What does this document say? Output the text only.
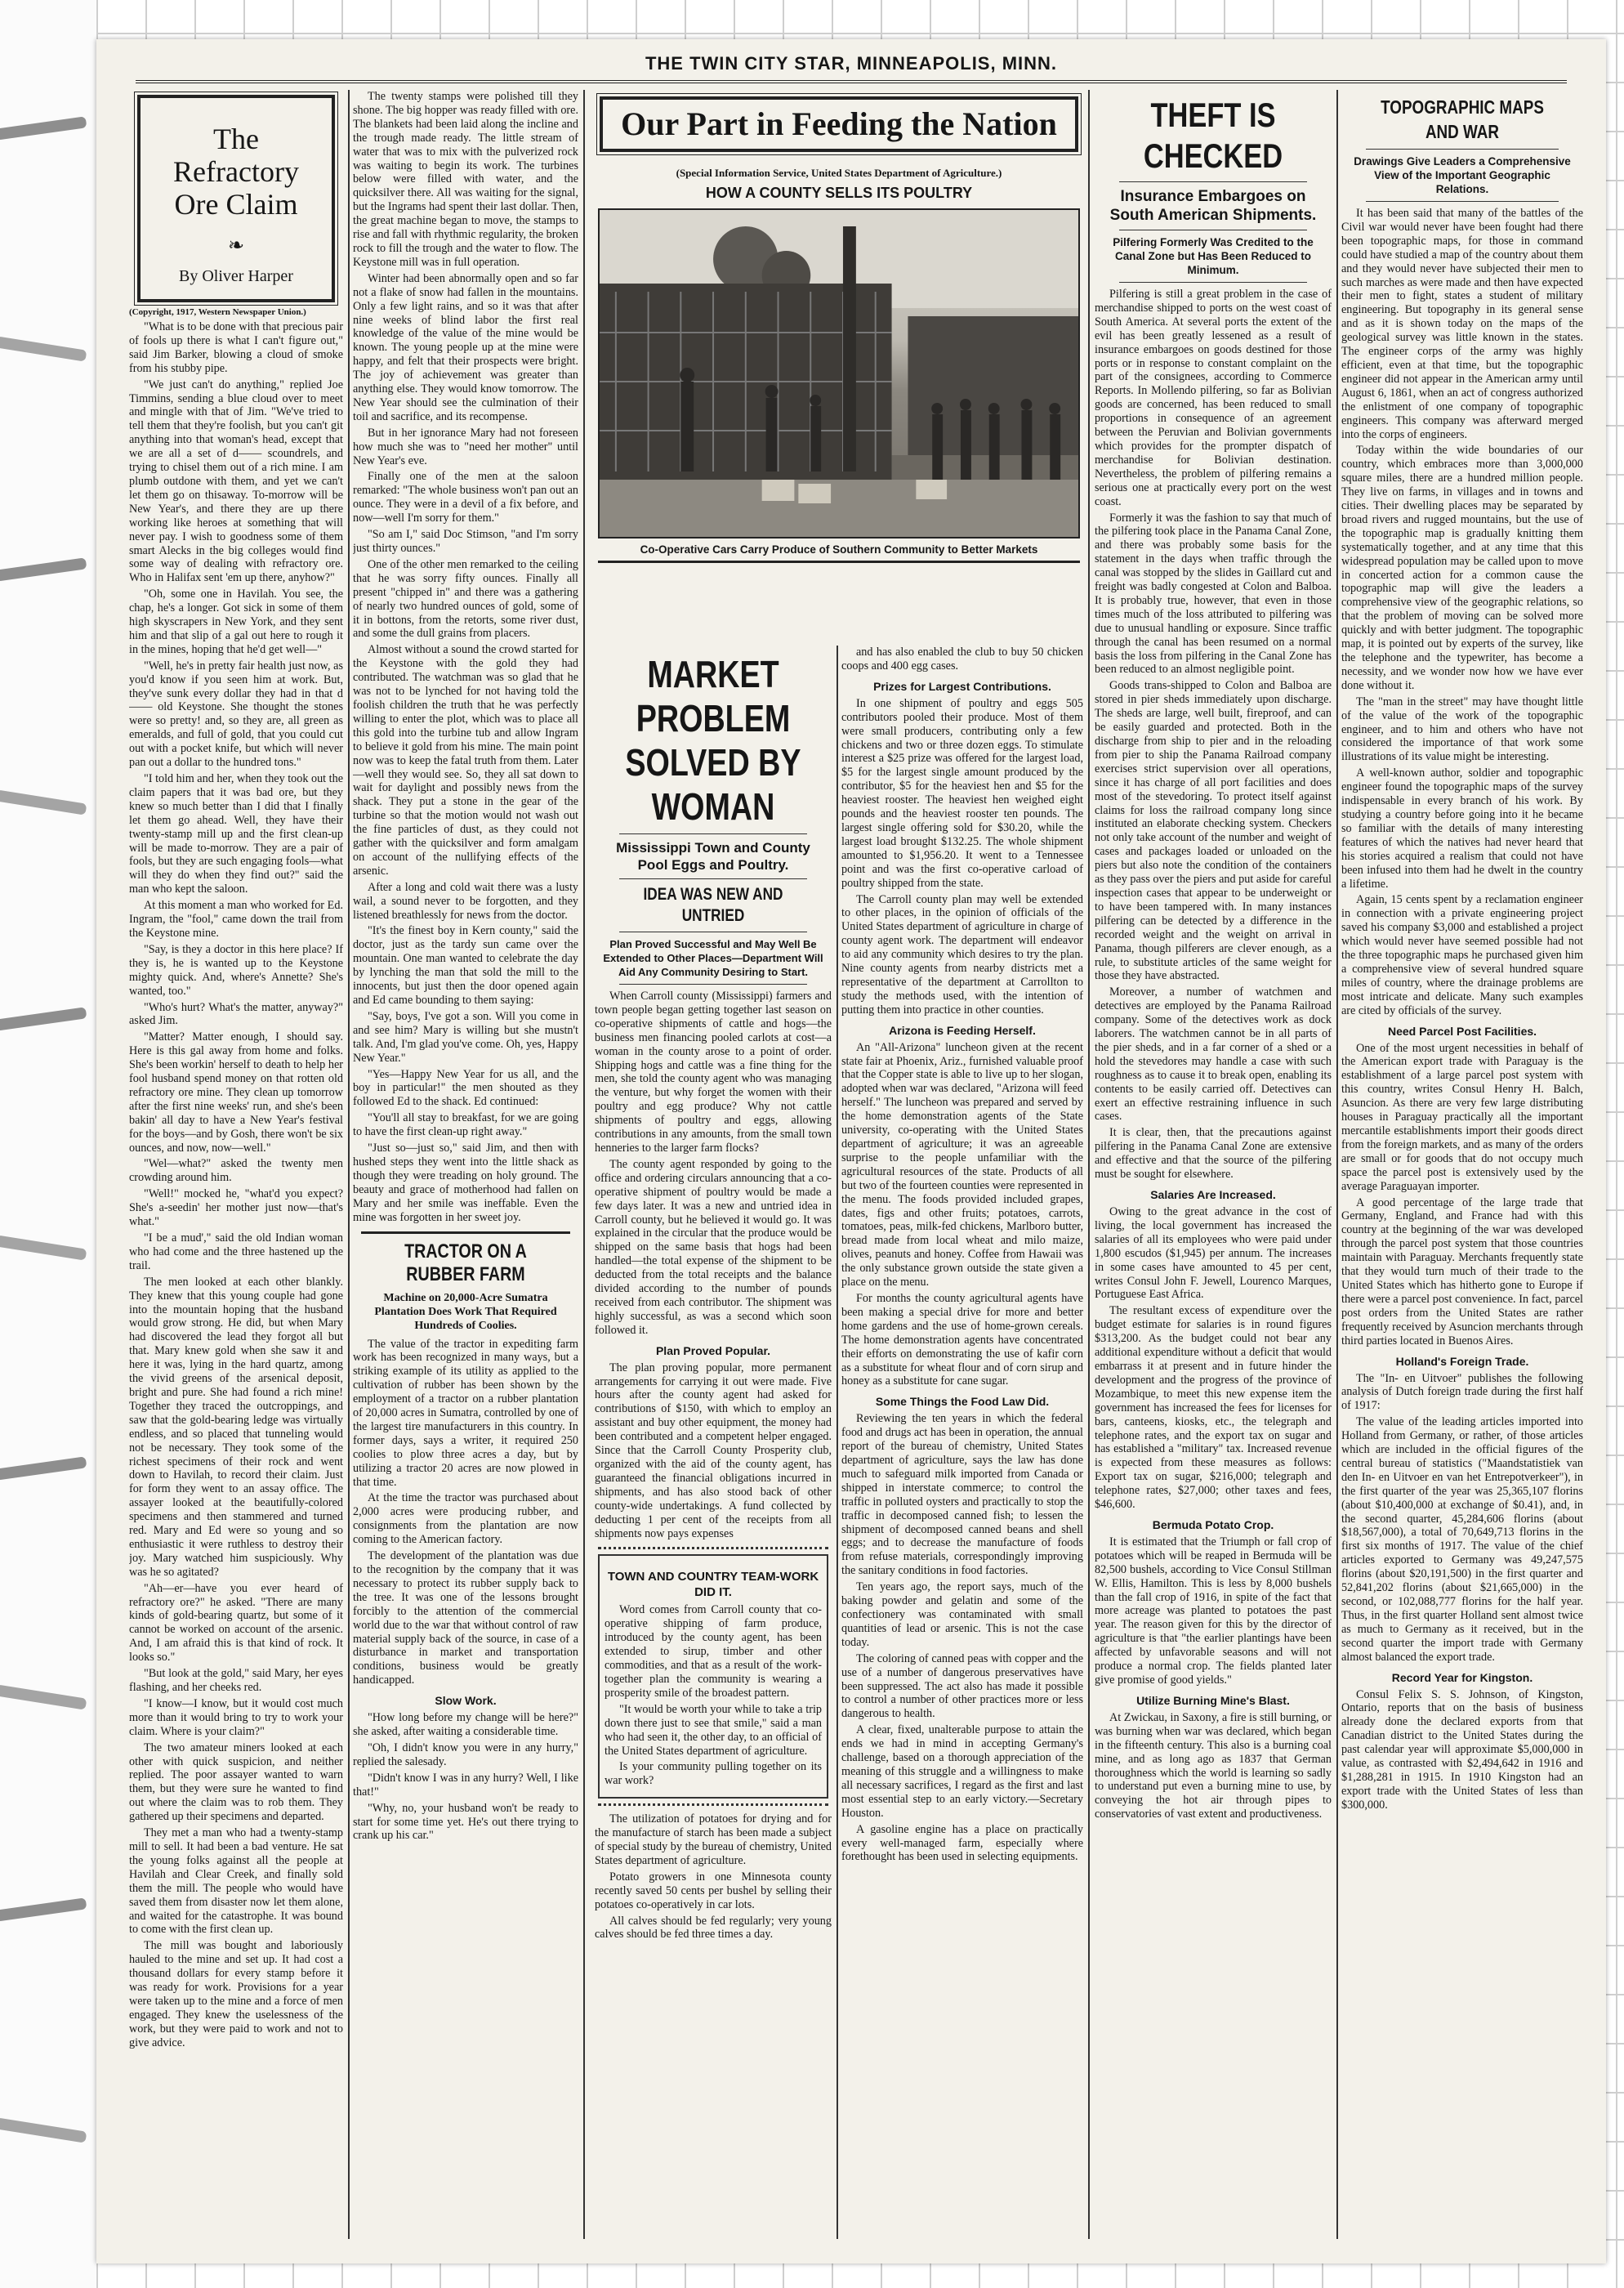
THE TWIN CITY STAR, MINNEAPOLIS, MINN.
The Refractory Ore Claim
❧
By Oliver Harper
(Copyright, 1917, Western Newspaper Union.)

"What is to be done with that precious pair of fools up there is what I can't figure out," said Jim Barker, blowing a cloud of smoke from his stubby pipe.

"We just can't do anything," replied Joe Timmins, sending a blue cloud over to meet and mingle with that of Jim. "We've tried to tell them that they're foolish, but you can't git anything into that woman's head, except that we are all a set of d—— scoundrels, and trying to chisel them out of a rich mine. I am plumb outdone with them, and yet we can't let them go on thisaway. To-morrow will be New Year's, and there they are up there working like heroes at something that will never pay. I wish to goodness some of them smart Alecks in the big colleges would find some way of dealing with refractory ore. Who in Halifax sent 'em up there, anyhow?"

"Oh, some one in Havilah. You see, the chap, he's a longer. Got sick in some of them high skyscrapers in New York, and they sent him and that slip of a gal out here to rough it in the mines, hoping that he'd get well—"

"Well, he's in pretty fair health just now, as you'd know if you seen him at work. But, they've sunk every dollar they had in that d—— old Keystone. She thought the stones were so pretty! and, so they are, all green as emeralds, and full of gold, that you could cut out with a pocket knife, but which will never pan out a dollar to the hundred tons."

"I told him and her, when they took out the claim papers that it was bad ore, but they knew so much better than I did that I finally let them go ahead. Well, they have their twenty-stamp mill up and the first clean-up will be made to-morrow. They are a pair of fools, but they are such engaging fools—what will they do when they find out?" said the man who kept the saloon.

At this moment a man who worked for Ed. Ingram, the "fool," came down the trail from the Keystone mine.

"Say, is they a doctor in this here place? If they is, he is wanted up to the Keystone mighty quick. And, where's Annette? She's wanted, too."

"Who's hurt? What's the matter, anyway?" asked Jim.

"Matter? Matter enough, I should say. Here is this gal away from home and folks. She's been workin' herself to death to help her fool husband spend money on that rotten old refractory ore mine. They clean up tomorrow after the first nine weeks' run, and she's been bakin' all day to have a New Year's festival for the boys—and by Gosh, there won't be six ounces, and now, now—well."

"Wel—what?" asked the twenty men crowding around him.

"Well!" mocked he, "what'd you expect? She's a-seedin' her mother just now—that's what."

"I be a mud'," said the old Indian woman who had come and the three hastened up the trail.

The men looked at each other blankly. They knew that this young couple had gone into the mountain hoping that the husband would grow strong. He did, but when Mary had discovered the lead they forgot all but that. Mary knew gold when she saw it and here it was, lying in the hard quartz, among the vivid greens of the arsenical deposit, bright and pure. She had found a rich mine! Together they traced the outcroppings, and saw that the gold-bearing ledge was virtually endless, and so placed that tunneling would not be necessary. They took some of the richest specimens of their rock and went down to Havilah, to record their claim. Just for form they went to an assay office. The assayer looked at the beautifully-colored specimens and then stammered and turned red. Mary and Ed were so young and so enthusiastic it were ruthless to destroy their joy. Mary watched him suspiciously. Why was he so agitated?

"Ah—er—have you ever heard of refractory ore?" he asked. "There are many kinds of gold-bearing quartz, but some of it cannot be worked on account of the arsenic. And, I am afraid this is that kind of rock. It looks so."

"But look at the gold," said Mary, her eyes flashing, and her cheeks red.

"I know—I know, but it would cost much more than it would bring to try to work your claim. Where is your claim?"

The two amateur miners looked at each other with quick suspicion, and neither replied. The poor assayer wanted to warn them, but they were sure he wanted to find out where the claim was to rob them. They gathered up their specimens and departed.

They met a man who had a twenty-stamp mill to sell. It had been a bad venture. He sat the young folks against all the people at Havilah and Clear Creek, and finally sold them the mill. The people who would have saved them from disaster now let them alone, and waited for the catastrophe. It was bound to come with the first clean up.

The mill was bought and laboriously hauled to the mine and set up. It had cost a thousand dollars for every stamp before it was ready for work. Provisions for a year were taken up to the mine and a force of men engaged. They knew the uselessness of the work, but they were paid to work and not to give advice.

The twenty stamps were polished till they shone. The big hopper was ready filled with ore. The blankets had been laid along the incline and the trough made ready. The little stream of water that was to mix with the pulverized rock was waiting to begin its work. The turbines below were filled with water, and the quicksilver there. All was waiting for the signal, but the Ingrams had spent their last dollar. Then, the great machine began to move, the stamps to rise and fall with rhythmic regularity, the broken rock to fill the trough and the water to flow. The Keystone mill was in full operation.

Winter had been abnormally open and so far not a flake of snow had fallen in the mountains. Only a few light rains, and so it was that after nine weeks of blind labor the first real knowledge of the value of the mine would be known. The young people up at the mine were happy, and felt that their prospects were bright. The joy of achievement was greater than anything else. They would know tomorrow. The New Year should see the culmination of their toil and sacrifice, and its recompense.

But in her ignorance Mary had not foreseen how much she was to "need her mother" until New Year's eve.

Finally one of the men at the saloon remarked: "The whole business won't pan out an ounce. They were in a devil of a fix before, and now—well I'm sorry for them."

"So am I," said Doc Stimson, "and I'm sorry just thirty ounces."

One of the other men remarked to the ceiling that he was sorry fifty ounces. Finally all present "chipped in" and there was a gathering of nearly two hundred ounces of gold, some of it in bottons, from the retorts, some river dust, and some the dull grains from placers.

Almost without a sound the crowd started for the Keystone with the gold they had contributed. The watchman was so glad that he was not to be lynched for not having told the foolish children the truth that he was perfectly willing to enter the plot, which was to place all this gold into the turbine tub and allow Ingram to believe it gold from his mine. The main point now was to keep the fatal truth from them. Later—well they would see. So, they all sat down to wait for daylight and possibly news from the shack. They put a stone in the gear of the turbine so that the motion would not wash out the fine particles of dust, as they could not gather with the quicksilver and form amalgam on account of the nullifying effects of the arsenic.

After a long and cold wait there was a lusty wail, a sound never to be forgotten, and they listened breathlessly for news from the doctor.

"It's the finest boy in Kern county," said the doctor, just as the tardy sun came over the mountain. One man wanted to celebrate the day by lynching the man that sold the mill to the innocents, but just then the door opened again and Ed came bounding to them saying:

"Say, boys, I've got a son. Will you come in and see him? Mary is willing but she mustn't talk. And, I'm glad you've come. Oh, yes, Happy New Year."

"Yes—Happy New Year for us all, and the boy in particular!" the men shouted as they followed Ed to the shack. Ed continued:

"You'll all stay to breakfast, for we are going to have the first clean-up right away."

"Just so—just so," said Jim, and then with hushed steps they went into the little shack as though they were treading on holy ground. The beauty and grace of motherhood had fallen on Mary and her smile was ineffable. Even the mine was forgotten in her sweet joy.

TRACTOR ON A RUBBER FARM
Machine on 20,000-Acre Sumatra Plantation Does Work That Required Hundreds of Coolies.

The value of the tractor in expediting farm work has been recognized in many ways, but a striking example of its utility as applied to the cultivation of rubber has been shown by the employment of a tractor on a rubber plantation of 20,000 acres in Sumatra, controlled by one of the largest tire manufacturers in this country. In former days, says a writer, it required 250 coolies to plow three acres a day, but by utilizing a tractor 20 acres are now plowed in that time.

At the time the tractor was purchased about 2,000 acres were producing rubber, and consignments from the plantation are now coming to the American factory.

The development of the plantation was due to the recognition by the company that it was necessary to protect its rubber supply back to the tree. It was one of the lessons brought forcibly to the attention of the commercial world due to the war that without control of raw material supply back of the source, in case of a disturbance in market and transportation conditions, business would be greatly handicapped.

Slow Work.

"How long before my change will be here?" she asked, after waiting a considerable time.

"Oh, I didn't know you were in any hurry," replied the salesady.

"Didn't know I was in any hurry? Well, I like that!"

"Why, no, your husband won't be ready to start for some time yet. He's out there trying to crank up his car."

Our Part in Feeding the Nation
(Special Information Service, United States Department of Agriculture.)
HOW A COUNTY SELLS ITS POULTRY
Co-Operative Cars Carry Produce of Southern Community to Better Markets
MARKET PROBLEM
SOLVED BY WOMAN
Mississippi Town and County Pool Eggs and Poultry.
IDEA WAS NEW AND UNTRIED
Plan Proved Successful and May Well Be Extended to Other Places—Department Will Aid Any Community Desiring to Start.

When Carroll county (Mississippi) farmers and town people began getting together last season on co-operative shipments of cattle and hogs—the business men financing pooled carlots at cost—a woman in the county arose to a point of order. Shipping hogs and cattle was a fine thing for the men, she told the county agent who was managing the venture, but why forget the women with their poultry and egg produce? Why not cattle shipments of poultry and eggs, allowing contributions in any amounts, from the small town henneries to the larger farm flocks?

The county agent responded by going to the office and ordering circulars announcing that a co-operative shipment of poultry would be made a few days later. It was a new and untried idea in Carroll county, but he believed it would go. It was explained in the circular that the produce would be shipped on the same basis that hogs had been handled—the total expense of the shipment to be deducted from the total receipts and the balance divided according to the number of pounds received from each contributor. The shipment was highly successful, as was a second which soon followed it.

Plan Proved Popular.

The plan proving popular, more permanent arrangements for carrying it out were made. Five hours after the county agent had asked for contributions of $150, with which to employ an assistant and buy other equipment, the money had been contributed and a competent helper engaged. Since that the Carroll County Prosperity club, organized with the aid of the county agent, has guaranteed the financial obligations incurred in shipments, and has also stood back of other county-wide undertakings. A fund collected by deducting 1 per cent of the receipts from all shipments now pays expenses

TOWN AND COUNTRY TEAM-WORK DID IT.

Word comes from Carroll county that co-operative shipping of farm produce, introduced by the county agent, has been extended to sirup, timber and other commodities, and that as a result of the work-together plan the community is wearing a prosperity smile of the broadest pattern.

"It would be worth your while to take a trip down there just to see that smile," said a man who had seen it, the other day, to an official of the United States department of agriculture.

Is your community pulling together on its war work?

The utilization of potatoes for drying and for the manufacture of starch has been made a subject of special study by the bureau of chemistry, United States department of agriculture.

Potato growers in one Minnesota county recently saved 50 cents per bushel by selling their potatoes co-operatively in car lots.

All calves should be fed regularly; very young calves should be fed three times a day.

and has also enabled the club to buy 50 chicken coops and 400 egg cases.

Prizes for Largest Contributions.

In one shipment of poultry and eggs 505 contributors pooled their produce. Most of them were small producers, contributing only a few chickens and two or three dozen eggs. To stimulate interest a $25 prize was offered for the largest load, $5 for the largest single amount produced by the contributor, $5 for the heaviest hen and $5 for the heaviest rooster. The heaviest hen weighed eight pounds and the heaviest rooster ten pounds. The largest single offering sold for $30.20, while the largest load brought $132.25. The whole shipment amounted to $1,956.20. It went to a Tennessee point and was the first co-operative carload of poultry shipped from the state.

The Carroll county plan may well be extended to other places, in the opinion of officials of the United States department of agriculture in charge of county agent work. The department will endeavor to aid any community which desires to try the plan. Nine county agents from nearby districts met a representative of the department at Carrollton to study the methods used, with the intention of putting them into practice in other counties.

Arizona is Feeding Herself.

An "All-Arizona" luncheon given at the recent state fair at Phoenix, Ariz., furnished valuable proof that the Copper state is able to live up to her slogan, adopted when war was declared, "Arizona will feed herself." The luncheon was prepared and served by the home demonstration agents of the State university, co-operating with the United States department of agriculture; it was an agreeable surprise to the people unfamiliar with the agricultural resources of the state. Products of all but two of the fourteen counties were represented in the menu. The foods provided included grapes, dates, figs and other fruits; potatoes, carrots, tomatoes, peas, milk-fed chickens, Marlboro butter, bread made from local wheat and milo maize, olives, peanuts and honey. Coffee from Hawaii was the only substance grown outside the state given a place on the menu.

For months the county agricultural agents have been making a special drive for more and better home gardens and the use of home-grown cereals. The home demonstration agents have concentrated their efforts on demonstrating the use of kafir corn as a substitute for wheat flour and of corn sirup and honey as a substitute for cane sugar.

Some Things the Food Law Did.

Reviewing the ten years in which the federal food and drugs act has been in operation, the annual report of the bureau of chemistry, United States department of agriculture, says the law has done much to safeguard milk imported from Canada or shipped in interstate commerce; to control the traffic in polluted oysters and practically to stop the traffic in decomposed canned fish; to lessen the shipment of decomposed canned beans and shell eggs; and to decrease the manufacture of foods from refuse materials, correspondingly improving the sanitary conditions in food factories.

Ten years ago, the report says, much of the baking powder and gelatin and some of the confectionery was contaminated with small quantities of lead or arsenic. This is not the case today.

The coloring of canned peas with copper and the use of a number of dangerous preservatives have been suppressed. The act also has made it possible to control a number of other practices more or less dangerous to health.

A clear, fixed, unalterable purpose to attain the ends we had in mind in accepting Germany's challenge, based on a thorough appreciation of the meaning of this struggle and a willingness to make all necessary sacrifices, I regard as the first and last most essential step to an early victory.—Secretary Houston.

A gasoline engine has a place on practically every well-managed farm, especially where forethought has been used in selecting equipments.

THEFT IS CHECKED
Insurance Embargoes on South American Shipments.
Pilfering Formerly Was Credited to the Canal Zone but Has Been Reduced to Minimum.

Pilfering is still a great problem in the case of merchandise shipped to ports on the west coast of South America. At several ports the extent of the evil has been greatly lessened as a result of insurance embargoes on goods destined for those ports or in response to constant complaint on the part of the consignees, according to Commerce Reports. In Mollendo pilfering, so far as Bolivian goods are concerned, has been reduced to small proportions in consequence of an agreement between the Peruvian and Bolivian governments which provides for the prompter dispatch of merchandise for Bolivian destination. Nevertheless, the problem of pilfering remains a serious one at practically every port on the west coast.

Formerly it was the fashion to say that much of the pilfering took place in the Panama Canal Zone, and there was probably some basis for the statement in the days when traffic through the canal was stopped by the slides in Gaillard cut and freight was badly congested at Colon and Balboa. It is probably true, however, that even in those times much of the loss attributed to pilfering was due to unusual handling or exposure. Since traffic through the canal has been resumed on a normal basis the loss from pilfering in the Canal Zone has been reduced to an almost negligible point.

Goods trans-shipped to Colon and Balboa are stored in pier sheds immediately upon discharge. The sheds are large, well built, fireproof, and can be easily guarded and protected. Both in the discharge from ship to pier and in the reloading from pier to ship the Panama Railroad company exercises strict supervision over all operations, since it has charge of all port facilities and does most of the stevedoring. To protect itself against claims for loss the railroad company long since instituted an elaborate checking system. Checkers not only take account of the number and weight of cases and packages loaded or unloaded on the piers but also note the condition of the containers as they pass over the piers and put aside for careful inspection cases that appear to be underweight or to have been tampered with. In many instances pilfering can be detected by a difference in the recorded weight and the weight on arrival in Panama, though pilferers are clever enough, as a rule, to substitute articles of the same weight for those they have abstracted.

Moreover, a number of watchmen and detectives are employed by the Panama Railroad company. Some of the detectives work as dock laborers. The watchmen cannot be in all parts of the pier sheds, and in a far corner of a shed or a hold the stevedores may handle a case with such roughness as to cause it to break open, enabling its contents to be easily carried off. Detectives can exert an effective restraining influence in such cases.

It is clear, then, that the precautions against pilfering in the Panama Canal Zone are extensive and effective and that the source of the pilfering must be sought for elsewhere.

Salaries Are Increased.

Owing to the great advance in the cost of living, the local government has increased the salaries of all its employees who were paid under 1,800 escudos ($1,945) per annum. The increases in some cases have amounted to 45 per cent, writes Consul John F. Jewell, Lourenco Marques, Portuguese East Africa.

The resultant excess of expenditure over the budget estimate for salaries is in round figures $313,200. As the budget could not bear any additional expenditure without a deficit that would embarrass it at present and in future hinder the development and the progress of the province of Mozambique, to meet this new expense item the government has increased the fees for licenses for bars, canteens, kiosks, etc., the telegraph and telephone rates, and the export tax on sugar and has established a "military" tax. Increased revenue is expected from these measures as follows: Export tax on sugar, $216,000; telegraph and telephone rates, $27,000; other taxes and fees, $46,600.

Bermuda Potato Crop.

It is estimated that the Triumph or fall crop of potatoes which will be reaped in Bermuda will be 82,500 bushels, according to Vice Consul Stillman W. Ellis, Hamilton. This is less by 8,000 bushels than the fall crop of 1916, in spite of the fact that more acreage was planted to potatoes the past year. The reason given for this by the director of agriculture is that "the earlier plantings have been affected by unfavorable seasons and will not produce a normal crop. The fields planted later give promise of good yields."

Utilize Burning Mine's Blast.

At Zwickau, in Saxony, a fire is still burning, or was burning when war was declared, which began in the fifteenth century. This also is a burning coal mine, and as long ago as 1837 that German thoroughness which the world is learning so sadly to understand put even a burning mine to use, by conveying the hot air through pipes to conservatories of vast extent and productiveness.

TOPOGRAPHIC MAPS AND WAR
Drawings Give Leaders a Comprehensive View of the Important Geographic Relations.

It has been said that many of the battles of the Civil war would never have been fought had there been topographic maps, for those in command could have studied a map of the country about them and they would never have subjected their men to such marches as were made and then have expected their men to fight, states a student of military engineering. But topography in its general sense and as it is shown today on the maps of the geological survey was little known in the states. The engineer corps of the army was highly efficient, even at that time, but the topographic engineer did not appear in the American army until August 6, 1861, when an act of congress authorized the enlistment of one company of topographic engineers. This company was afterward merged into the corps of engineers.

Today within the wide boundaries of our country, which embraces more than 3,000,000 square miles, there are a hundred million people. They live on farms, in villages and in towns and cities. Their dwelling places may be separated by broad rivers and rugged mountains, but the use of the topographic map is gradually knitting them systematically together, and at any time that this widespread population may be called upon to move in concerted action for a common cause the topographic map will give the leaders a comprehensive view of the geographic relations, so that the problem of moving can be solved more quickly and with better judgment. The topographic map, it is pointed out by experts of the survey, like the telephone and the typewriter, has become a necessity, and we wonder now how we have ever done without it.

The "man in the street" may have thought little of the value of the work of the topographic engineer, and to him and others who have not considered the importance of that work some illustrations of its value might be interesting.

A well-known author, soldier and topographic engineer found the topographic maps of the survey indispensable in every branch of his work. By studying a country before going into it he became so familiar with the details of many interesting features of which the natives had never heard that his stories acquired a realism that could not have been infused into them had he dwelt in the country a lifetime.

Again, 15 cents spent by a reclamation engineer in connection with a private engineering project saved his company $3,000 and established a project which would never have seemed possible had not the three topographic maps he purchased given him a comprehensive view of several hundred square miles of country, where the drainage problems are most intricate and delicate. Many such examples are cited by officials of the survey.

Need Parcel Post Facilities.

One of the most urgent necessities in behalf of the American export trade with Paraguay is the establishment of a large parcel post system with this country, writes Consul Henry H. Balch, Asuncion. As there are very few large distributing houses in Paraguay practically all the important mercantile establishments import their goods direct from the foreign markets, and as many of the orders are small or for goods that do not occupy much space the parcel post is extensively used by the average Paraguayan importer.

A good percentage of the large trade that Germany, England, and France had with this country at the beginning of the war was developed through the parcel post system that those countries maintain with Paraguay. Merchants frequently state that they would turn much of their trade to the United States which has hitherto gone to Europe if there were a parcel post convenience. In fact, parcel post orders from the United States are rather frequently received by Asuncion merchants through third parties located in Buenos Aires.

Holland's Foreign Trade.

The "In- en Uitvoer" publishes the following analysis of Dutch foreign trade during the first half of 1917:

The value of the leading articles imported into Holland from Germany, or rather, of those articles which are included in the official figures of the central bureau of statistics ("Maandstatistiek van den In- en Uitvoer en van het Entrepotverkeer"), in the first quarter of the year was 25,365,107 florins (about $10,400,000 at exchange of $0.41), and, in the second quarter, 45,284,606 florins (about $18,567,000), a total of 70,649,713 florins in the first six months of 1917. The value of the chief articles exported to Germany was 49,247,575 florins (about $20,191,500) in the first quarter and 52,841,202 florins (about $21,665,000) in the second, or 102,088,777 florins for the half year. Thus, in the first quarter Holland sent almost twice as much to Germany as it received, but in the second quarter the import trade with Germany almost balanced the export trade.

Record Year for Kingston.

Consul Felix S. S. Johnson, of Kingston, Ontario, reports that on the basis of business already done the declared exports from that Canadian district to the United States during the past calendar year will approximate $5,000,000 in value, as contrasted with $2,494,642 in 1916 and $1,288,281 in 1915. In 1910 Kingston had an export trade with the United States of less than $300,000.
